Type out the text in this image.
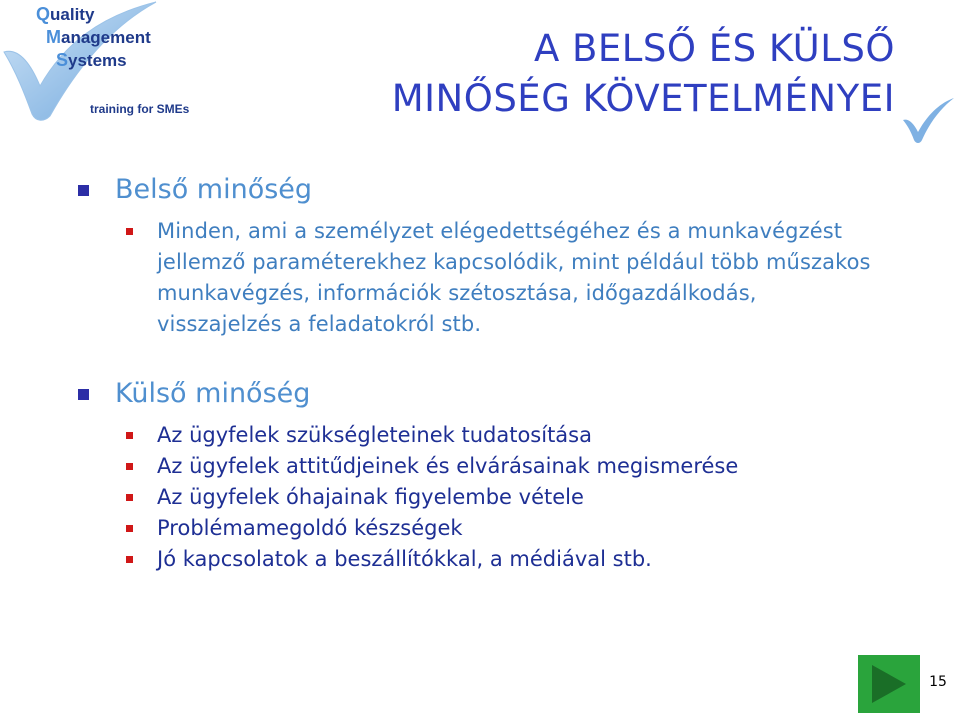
Quality
Management
Systems
training for SMEs
A BELSŐ ÉS KÜLSŐ
MINŐSÉG KÖVETELMÉNYEI
Belső minőség
Minden, ami a személyzet elégedettségéhez és a munkavégzést jellemző paraméterekhez kapcsolódik, mint például több műszakos munkavégzés, információk szétosztása, időgazdálkodás, visszajelzés a feladatokról stb.
Külső minőség
Az ügyfelek szükségleteinek tudatosítása
Az ügyfelek attitűdjeinek és elvárásainak megismerése
Az ügyfelek óhajainak figyelembe vétele
Problémamegoldó készségek
Jó kapcsolatok a beszállítókkal, a médiával stb.
15
